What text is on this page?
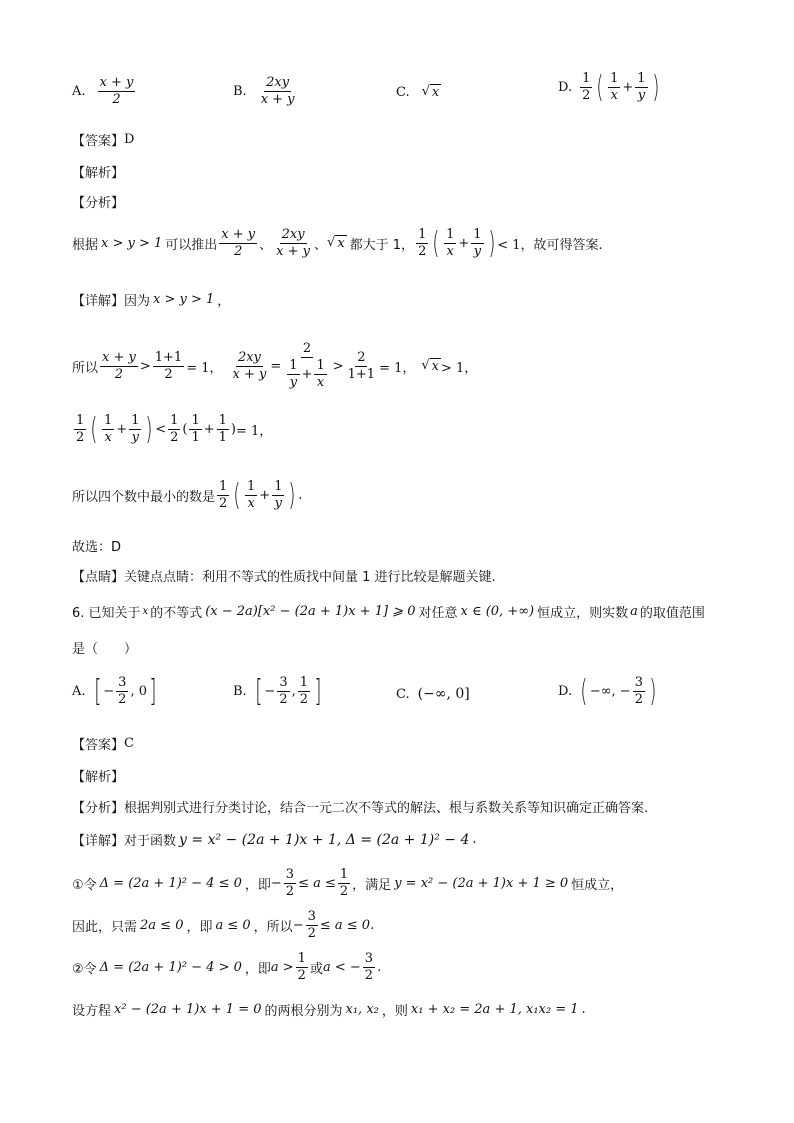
A. $\frac{x + y}{2}$	B. $\frac{2xy}{x + y}$	C. √ x	D. $\frac{1}{2}$ ( $\frac{1}{x} + \frac{1}{y}$ )
【答案】 D
【解析】
【分析】
根据 x > y > 1 可以推出 $\frac{x + y}{2}$ 、 $\frac{2xy}{x + y}$ 、 √ x 都大于 1， $\frac{1}{2}$ ( $\frac{1}{x} + \frac{1}{y}$ ) < 1，故可得答案.
【详解】 因为 x > y > 1 ，
所以 $\frac{x + y}{2} > \frac{1+1}{2} = 1$， $\frac{2xy}{x + y} = \frac{2}{\frac{1}{y} + \frac{1}{x}} > \frac{2}{1+1} = 1$， √ x > 1，
$\frac{1}{2}$ ( $\frac{1}{x} + \frac{1}{y}$ ) < $\frac{1}{2}$ ( $\frac{1}{1} + \frac{1}{1}$ ) = 1，
所以四个数中最小的数是 $\frac{1}{2}$ ( $\frac{1}{x} + \frac{1}{y}$ ) .
故选：D
【点睛】 关键点点睛：利用不等式的性质找中间量 1 进行比较是解题关键.
6. 已知关于 x 的不等式 (x − 2a)[x² − (2a + 1)x + 1] ⩾ 0 对任意 x ∈ (0, +∞) 恒成立，则实数 a 的取值范围
是（　　）
A. [ − $\frac{3}{2}$ , 0 ]	B. [ − $\frac{3}{2}$ , $\frac{1}{2}$ ]	C. (−∞, 0]	D. ( −∞, − $\frac{3}{2}$ )
【答案】 C
【解析】
【分析】 根据判别式进行分类讨论，结合一元二次不等式的解法、根与系数关系等知识确定正确答案.
【详解】 对于函数 y = x² − (2a + 1)x + 1, Δ = (2a + 1)² − 4 .
①令 Δ = (2a + 1)² − 4 ≤ 0 ，即 − $\frac{3}{2} \le a \le \frac{1}{2}$ ，满足 y = x² − (2a + 1)x + 1 ≥ 0 恒成立，
因此，只需 2a ≤ 0 ，即 a ≤ 0 ，所以 − $\frac{3}{2} \le a \le 0$ .
②令 Δ = (2a + 1)² − 4 > 0 ，即 $a > \frac{1}{2}$ 或 a < − $\frac{3}{2}$ .
设方程 x² − (2a + 1)x + 1 = 0 的两根分别为 x₁, x₂ ，则 x₁ + x₂ = 2a + 1, x₁x₂ = 1 .
